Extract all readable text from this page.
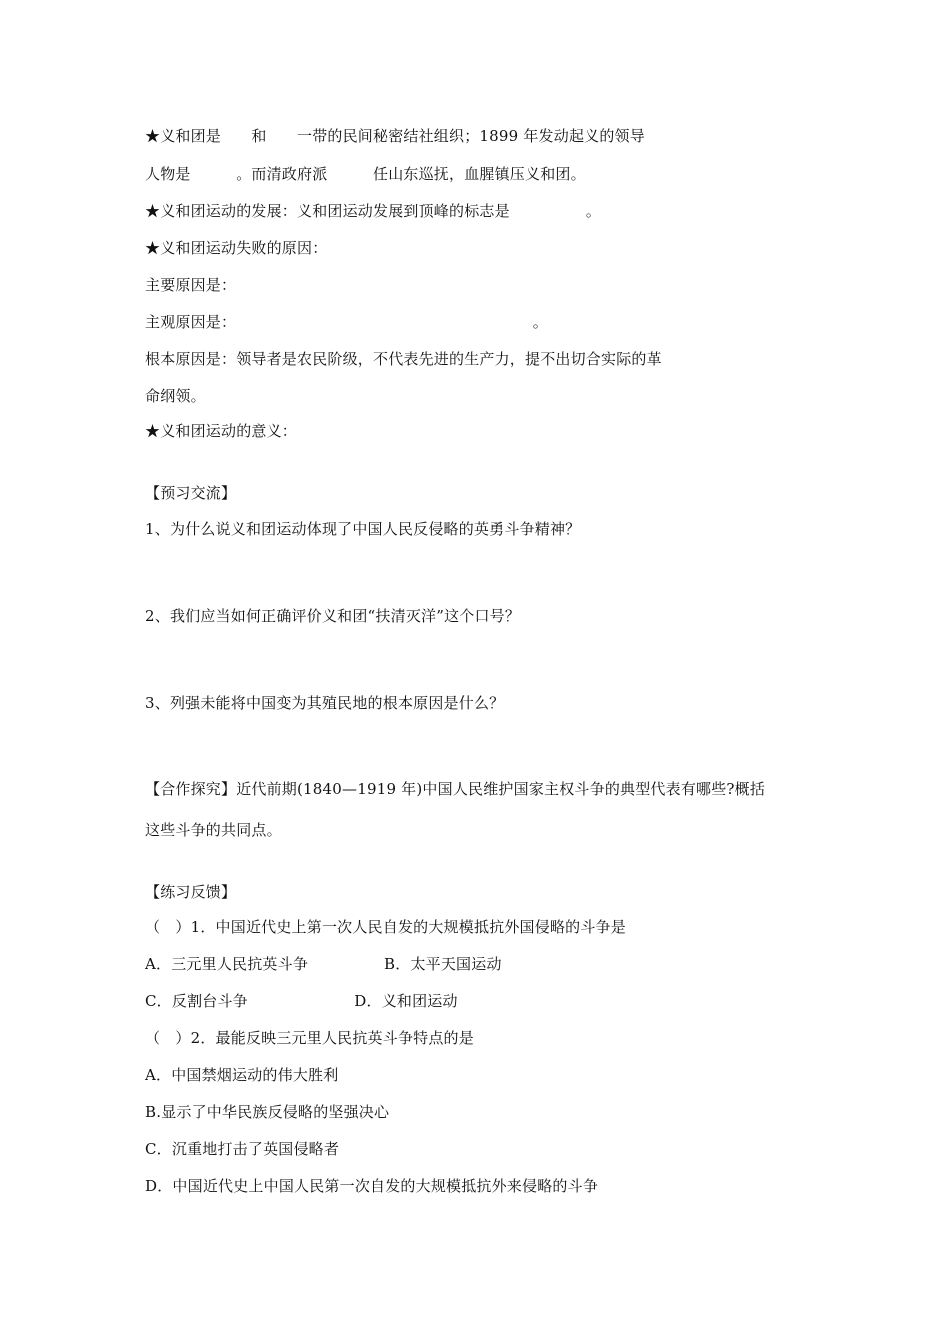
★义和团是　　和　　一带的民间秘密结社组织；1899 年发动起义的领导
人物是　　　。而清政府派　　　任山东巡抚，血腥镇压义和团。
★义和团运动的发展：义和团运动发展到顶峰的标志是　　　　　。
★义和团运动失败的原因：
主要原因是：
主观原因是：　　　　　　　　　　　　　　　　　　　　。
根本原因是：领导者是农民阶级，不代表先进的生产力，提不出切合实际的革
命纲领。
★义和团运动的意义：
【预习交流】
1、为什么说义和团运动体现了中国人民反侵略的英勇斗争精神？
2、我们应当如何正确评价义和团“扶清灭洋”这个口号？
3、列强未能将中国变为其殖民地的根本原因是什么？
【合作探究】近代前期(1840—1919 年)中国人民维护国家主权斗争的典型代表有哪些?概括
这些斗争的共同点。
【练习反馈】
（　）1．中国近代史上第一次人民自发的大规模抵抗外国侵略的斗争是
A．三元里人民抗英斗争　　　　　B．太平天国运动
C．反割台斗争　　　　　　　D．义和团运动
（　）2．最能反映三元里人民抗英斗争特点的是
A．中国禁烟运动的伟大胜利
B.显示了中华民族反侵略的坚强决心
C．沉重地打击了英国侵略者
D．中国近代史上中国人民第一次自发的大规模抵抗外来侵略的斗争
